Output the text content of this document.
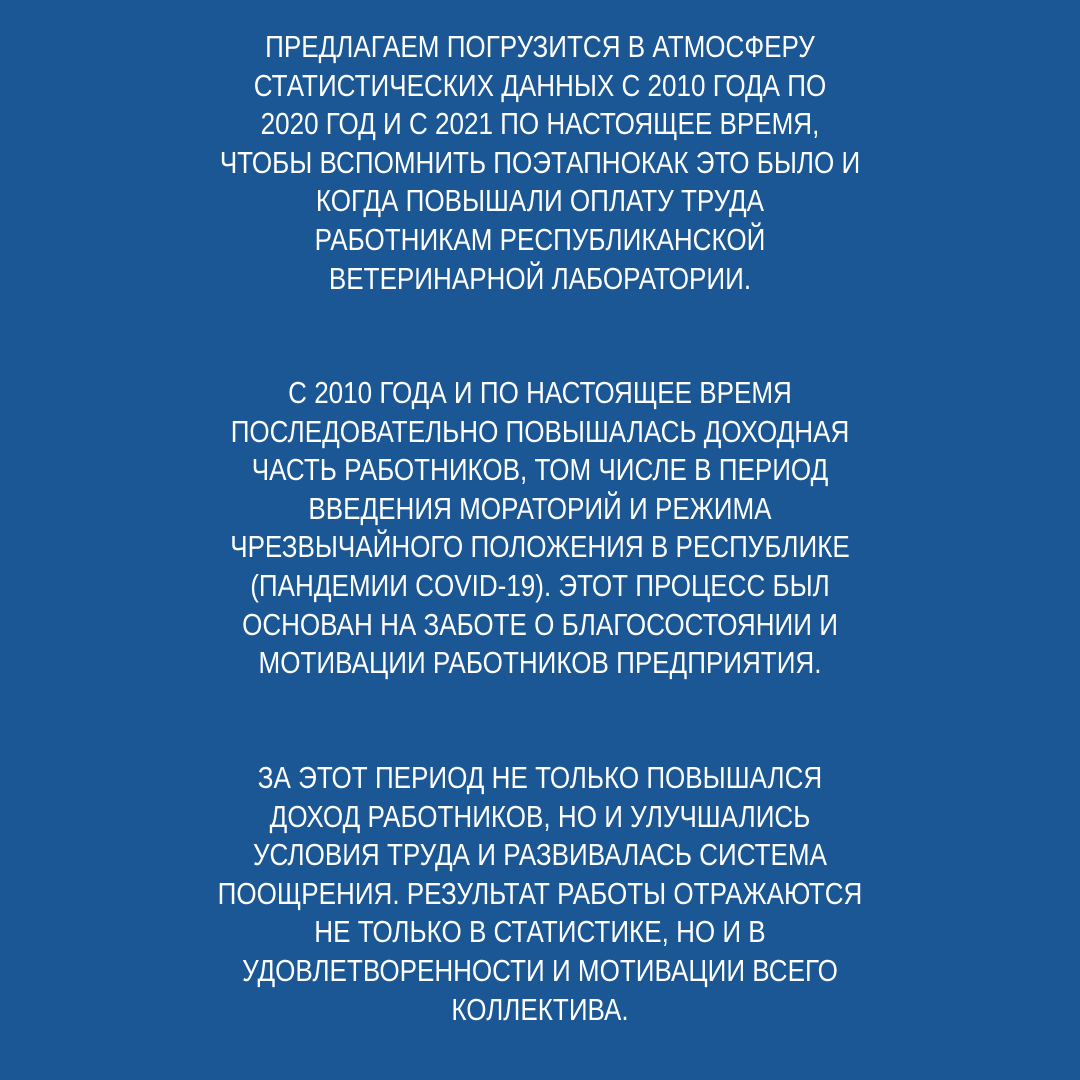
ПРЕДЛАГАЕМ ПОГРУЗИТСЯ В АТМОСФЕРУ
СТАТИСТИЧЕСКИХ ДАННЫХ С 2010 ГОДА ПО
2020 ГОД И С 2021 ПО НАСТОЯЩЕЕ ВРЕМЯ,
ЧТОБЫ ВСПОМНИТЬ ПОЭТАПНОКАК ЭТО БЫЛО И
КОГДА ПОВЫШАЛИ ОПЛАТУ ТРУДА
РАБОТНИКАМ РЕСПУБЛИКАНСКОЙ
ВЕТЕРИНАРНОЙ ЛАБОРАТОРИИ.

С 2010 ГОДА И ПО НАСТОЯЩЕЕ ВРЕМЯ
ПОСЛЕДОВАТЕЛЬНО ПОВЫШАЛАСЬ ДОХОДНАЯ
ЧАСТЬ РАБОТНИКОВ, ТОМ ЧИСЛЕ В ПЕРИОД
ВВЕДЕНИЯ МОРАТОРИЙ И РЕЖИМА
ЧРЕЗВЫЧАЙНОГО ПОЛОЖЕНИЯ В РЕСПУБЛИКЕ
(ПАНДЕМИИ COVID-19). ЭТОТ ПРОЦЕСС БЫЛ
ОСНОВАН НА ЗАБОТЕ О БЛАГОСОСТОЯНИИ И
МОТИВАЦИИ РАБОТНИКОВ ПРЕДПРИЯТИЯ.

ЗА ЭТОТ ПЕРИОД НЕ ТОЛЬКО ПОВЫШАЛСЯ
ДОХОД РАБОТНИКОВ, НО И УЛУЧШАЛИСЬ
УСЛОВИЯ ТРУДА И РАЗВИВАЛАСЬ СИСТЕМА
ПООЩРЕНИЯ. РЕЗУЛЬТАТ РАБОТЫ ОТРАЖАЮТСЯ
НЕ ТОЛЬКО В СТАТИСТИКЕ, НО И В
УДОВЛЕТВОРЕННОСТИ И МОТИВАЦИИ ВСЕГО
КОЛЛЕКТИВА.
